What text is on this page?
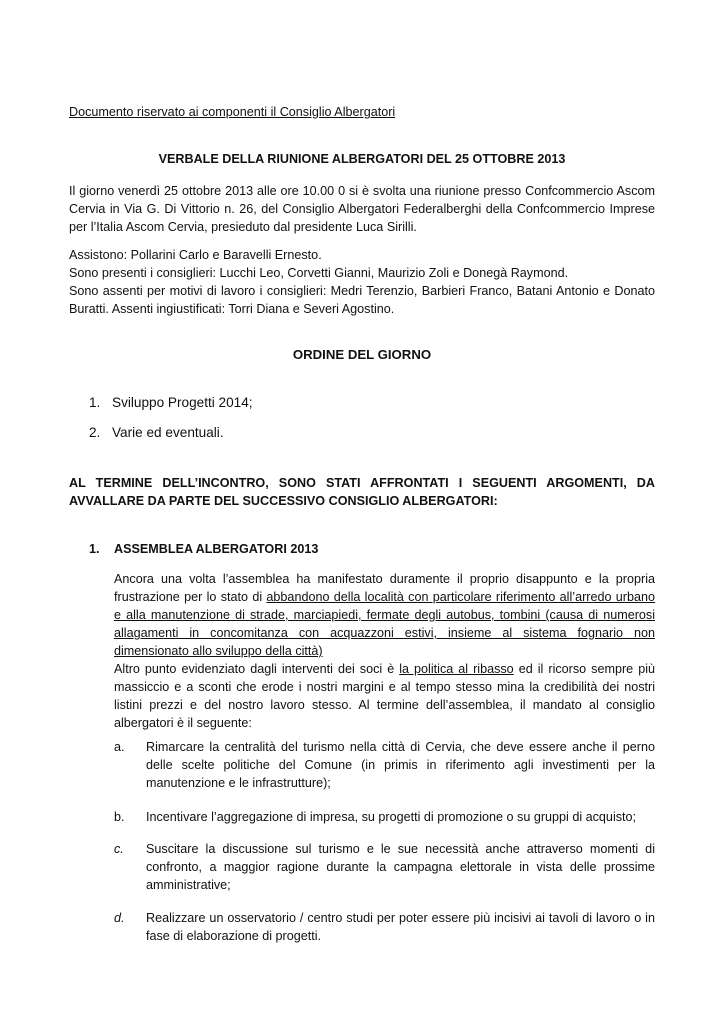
Documento riservato ai componenti il Consiglio Albergatori
VERBALE DELLA RIUNIONE ALBERGATORI DEL 25 OTTOBRE 2013
Il giorno venerdì 25 ottobre 2013 alle ore 10.00 0 si è svolta una riunione presso Confcommercio Ascom Cervia in Via G. Di Vittorio n. 26, del Consiglio Albergatori Federalberghi della Confcommercio Imprese per l’Italia Ascom Cervia, presieduto dal presidente Luca Sirilli.
Assistono: Pollarini Carlo e Baravelli Ernesto.
Sono presenti i consiglieri: Lucchi Leo, Corvetti Gianni, Maurizio Zoli e Donegà Raymond.
Sono assenti per motivi di lavoro i consiglieri: Medri Terenzio, Barbieri Franco, Batani Antonio e Donato Buratti. Assenti ingiustificati: Torri Diana e Severi Agostino.
ORDINE DEL GIORNO
1. Sviluppo Progetti 2014;
2. Varie ed eventuali.
AL TERMINE DELL’INCONTRO, SONO STATI AFFRONTATI I SEGUENTI ARGOMENTI, DA AVVALLARE DA PARTE DEL SUCCESSIVO CONSIGLIO ALBERGATORI:
1.	ASSEMBLEA ALBERGATORI 2013
Ancora una volta l’assemblea ha manifestato duramente il proprio disappunto e la propria frustrazione per lo stato di abbandono della località con particolare riferimento all’arredo urbano e alla manutenzione di strade, marciapiedi, fermate degli autobus, tombini (causa di numerosi allagamenti in concomitanza con acquazzoni estivi, insieme al sistema fognario non dimensionato allo sviluppo della città)
Altro punto evidenziato dagli interventi dei soci è la politica al ribasso ed il ricorso sempre più massiccio e a sconti che erode i nostri margini e al tempo stesso mina la credibilità dei nostri listini prezzi e del nostro lavoro stesso. Al termine dell’assemblea, il mandato al consiglio albergatori è il seguente:
a.	Rimarcare la centralità del turismo nella città di Cervia, che deve essere anche il perno delle scelte politiche del Comune (in primis in riferimento agli investimenti per la manutenzione e le infrastrutture);
b.	Incentivare l’aggregazione di impresa, su progetti di promozione o su gruppi di acquisto;
c.	Suscitare la discussione sul turismo e le sue necessità anche attraverso momenti di confronto, a maggior ragione durante la campagna elettorale in vista delle prossime amministrative;
d.	Realizzare un osservatorio / centro studi per poter essere più incisivi ai tavoli di lavoro o in fase di elaborazione di progetti.
